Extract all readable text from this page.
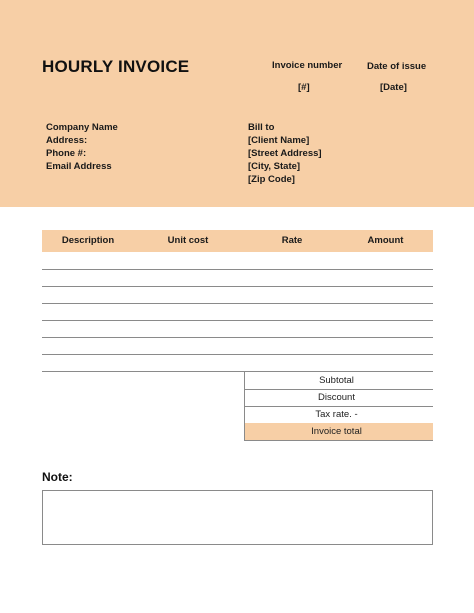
HOURLY INVOICE	Invoice number
[#]
Date of issue
[Date]
Company Name
Address:
Phone #:
Email Address
Bill to
[Client Name]
[Street Address]
[City, State]
[Zip Code]
Description	Unit cost	Rate	Amount
Subtotal
Discount
Tax rate. -
Invoice total
Note:
